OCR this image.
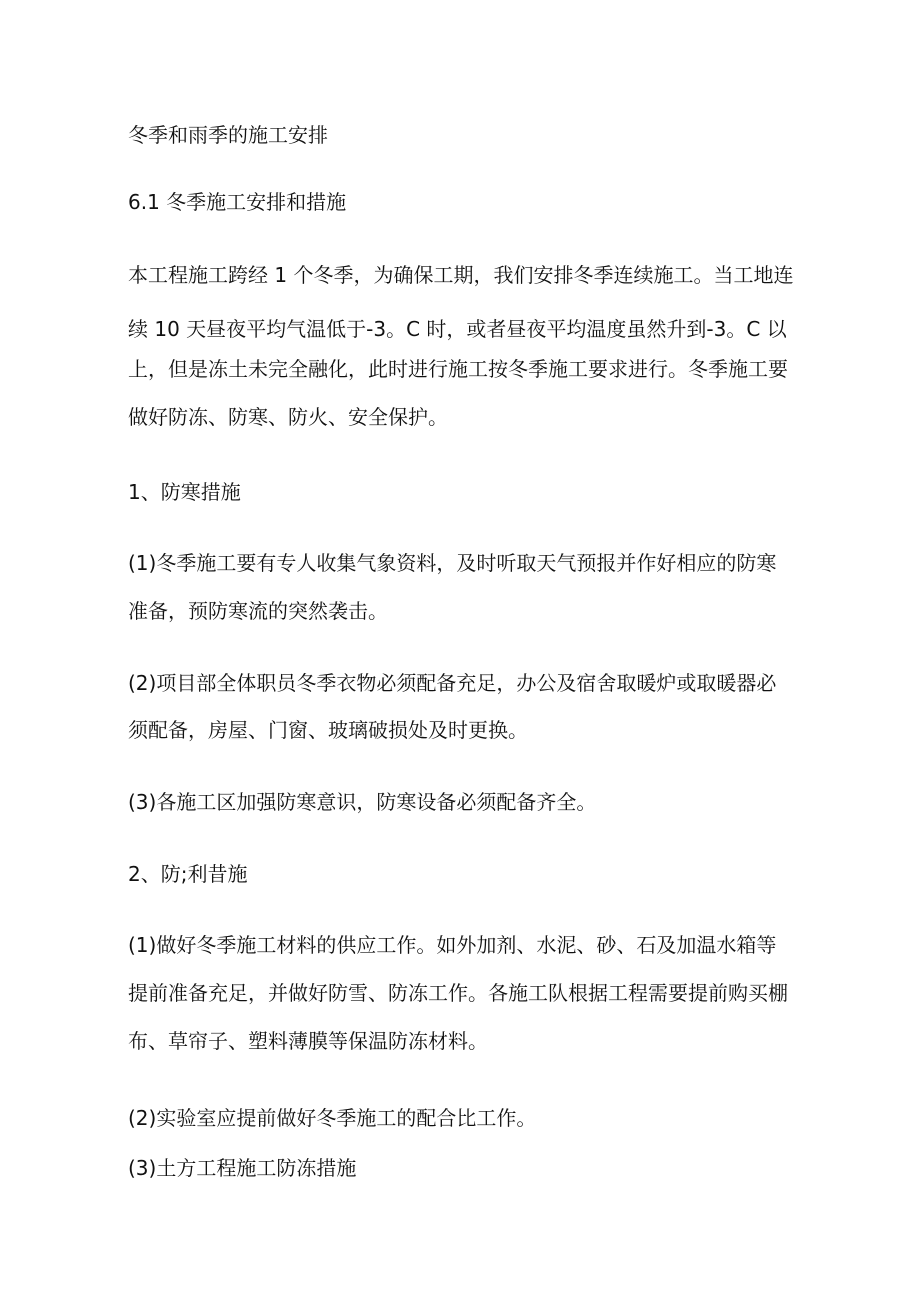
冬季和雨季的施工安排
6.1 冬季施工安排和措施
本工程施工跨经 1 个冬季，为确保工期，我们安排冬季连续施工。当工地连
续 10 天昼夜平均气温低于-3。C 时，或者昼夜平均温度虽然升到-3。C 以
上，但是冻土未完全融化，此时进行施工按冬季施工要求进行。冬季施工要
做好防冻、防寒、防火、安全保护。
1、防寒措施
(1)冬季施工要有专人收集气象资料，及时听取天气预报并作好相应的防寒
准备，预防寒流的突然袭击。
(2)项目部全体职员冬季衣物必须配备充足，办公及宿舍取暖炉或取暖器必
须配备，房屋、门窗、玻璃破损处及时更换。
(3)各施工区加强防寒意识，防寒设备必须配备齐全。
2、防;利昔施
(1)做好冬季施工材料的供应工作。如外加剂、水泥、砂、石及加温水箱等
提前准备充足，并做好防雪、防冻工作。各施工队根据工程需要提前购买棚
布、草帘子、塑料薄膜等保温防冻材料。
(2)实验室应提前做好冬季施工的配合比工作。
(3)土方工程施工防冻措施
